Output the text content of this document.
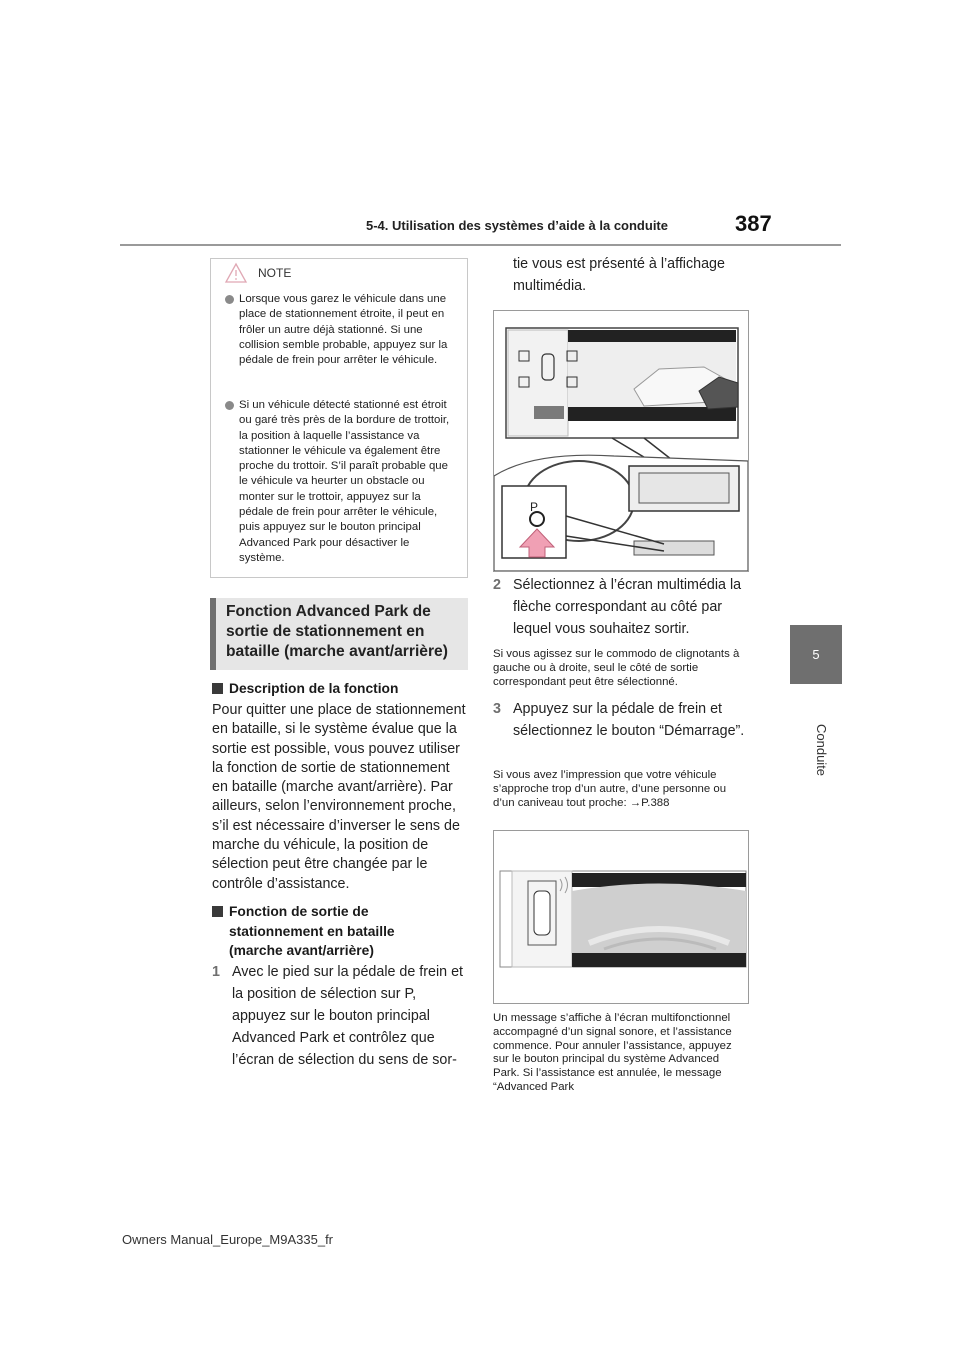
5-4. Utilisation des systèmes d’aide à la conduite	387
5
Conduite
Lorsque vous garez le véhicule dans une place de stationnement étroite, il peut en frôler un autre déjà stationné. Si une collision semble probable, appuyez sur la pédale de frein pour arrêter le véhicule.
Si un véhicule détecté stationné est étroit ou garé très près de la bordure de trottoir, la position à laquelle l’assistance va stationner le véhicule va également être proche du trottoir. S’il paraît probable que le véhicule va heurter un obstacle ou monter sur le trottoir, appuyez sur la pédale de frein pour arrêter le véhicule, puis appuyez sur le bouton principal Advanced Park pour désactiver le système.
NOTE
Fonction Advanced Park de sortie de stationnement en bataille (marche avant/arrière)
Description de la fonction
Pour quitter une place de stationnement en bataille, si le système évalue que la sortie est possible, vous pouvez utiliser la fonction de sortie de stationnement en bataille (marche avant/arrière). Par ailleurs, selon l’environnement proche, s’il est nécessaire d’inverser le sens de marche du véhicule, la position de sélection peut être changée par le contrôle d’assistance.
Fonction de sortie de stationnement en bataille (marche avant/arrière)
1 Avec le pied sur la pédale de frein et la position de sélection sur P, appuyez sur le bouton principal Advanced Park et contrôlez que l’écran de sélection du sens de sor-
tie vous est présenté à l’affichage multimédia.
P
2 Sélectionnez à l’écran multimédia la flèche correspondant au côté par lequel vous souhaitez sortir.
Si vous agissez sur le commodo de clignotants à gauche ou à droite, seul le côté de sortie correspondant peut être sélectionné.
3 Appuyez sur la pédale de frein et sélectionnez le bouton “Démarrage”.
Si vous avez l’impression que votre véhicule s’approche trop d’un autre, d’une personne ou d’un caniveau tout proche: →P.388
Un message s’affiche à l’écran multifonctionnel accompagné d’un signal sonore, et l’assistance commence. Pour annuler l’assistance, appuyez sur le bouton principal du système Advanced Park. Si l’assistance est annulée, le message “Advanced Park
Owners Manual_Europe_M9A335_fr
